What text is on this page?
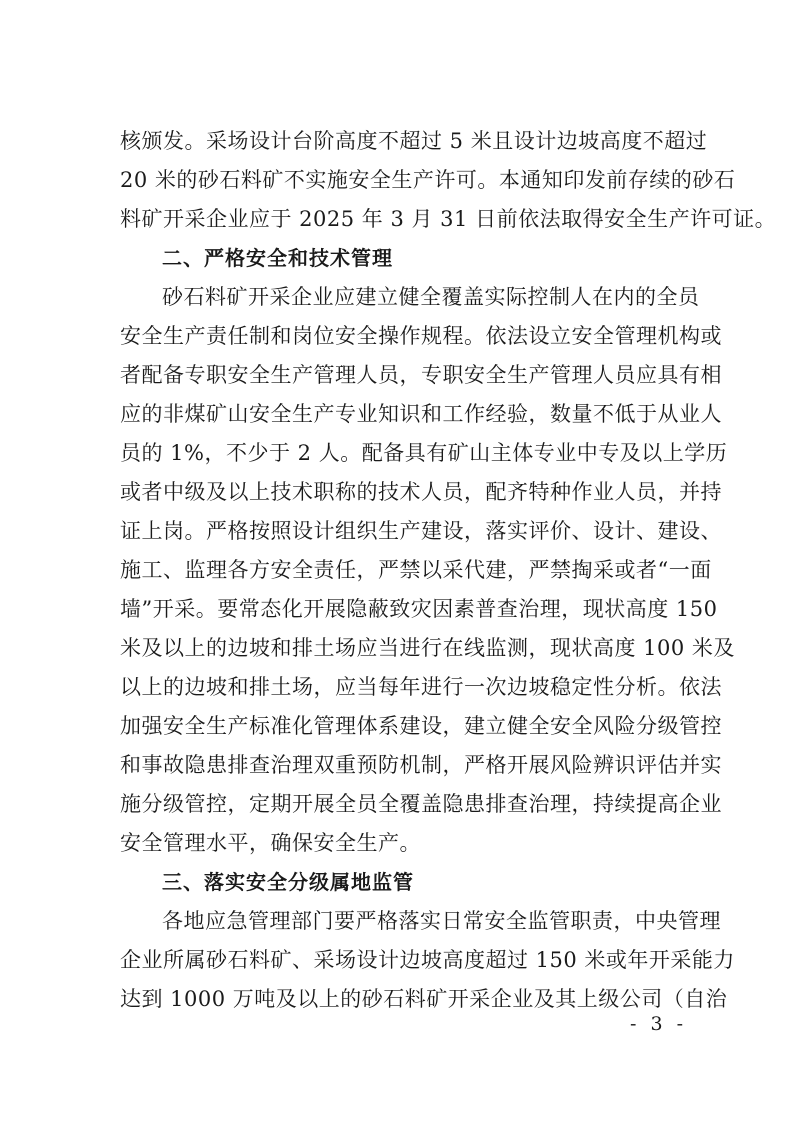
核颁发。采场设计台阶高度不超过 5 米且设计边坡高度不超过
20 米的砂石料矿不实施安全生产许可。本通知印发前存续的砂石
料矿开采企业应于 2025 年 3 月 31 日前依法取得安全生产许可证。
二、严格安全和技术管理
砂石料矿开采企业应建立健全覆盖实际控制人在内的全员
安全生产责任制和岗位安全操作规程。依法设立安全管理机构或
者配备专职安全生产管理人员，专职安全生产管理人员应具有相
应的非煤矿山安全生产专业知识和工作经验，数量不低于从业人
员的 1%，不少于 2 人。配备具有矿山主体专业中专及以上学历
或者中级及以上技术职称的技术人员，配齐特种作业人员，并持
证上岗。严格按照设计组织生产建设，落实评价、设计、建设、
施工、监理各方安全责任，严禁以采代建，严禁掏采或者“一面
墙”开采。要常态化开展隐蔽致灾因素普查治理，现状高度 150
米及以上的边坡和排土场应当进行在线监测，现状高度 100 米及
以上的边坡和排土场，应当每年进行一次边坡稳定性分析。依法
加强安全生产标准化管理体系建设，建立健全安全风险分级管控
和事故隐患排查治理双重预防机制，严格开展风险辨识评估并实
施分级管控，定期开展全员全覆盖隐患排查治理，持续提高企业
安全管理水平，确保安全生产。
三、落实安全分级属地监管
各地应急管理部门要严格落实日常安全监管职责，中央管理
企业所属砂石料矿、采场设计边坡高度超过 150 米或年开采能力
达到 1000 万吨及以上的砂石料矿开采企业及其上级公司（自治
- 3 -
